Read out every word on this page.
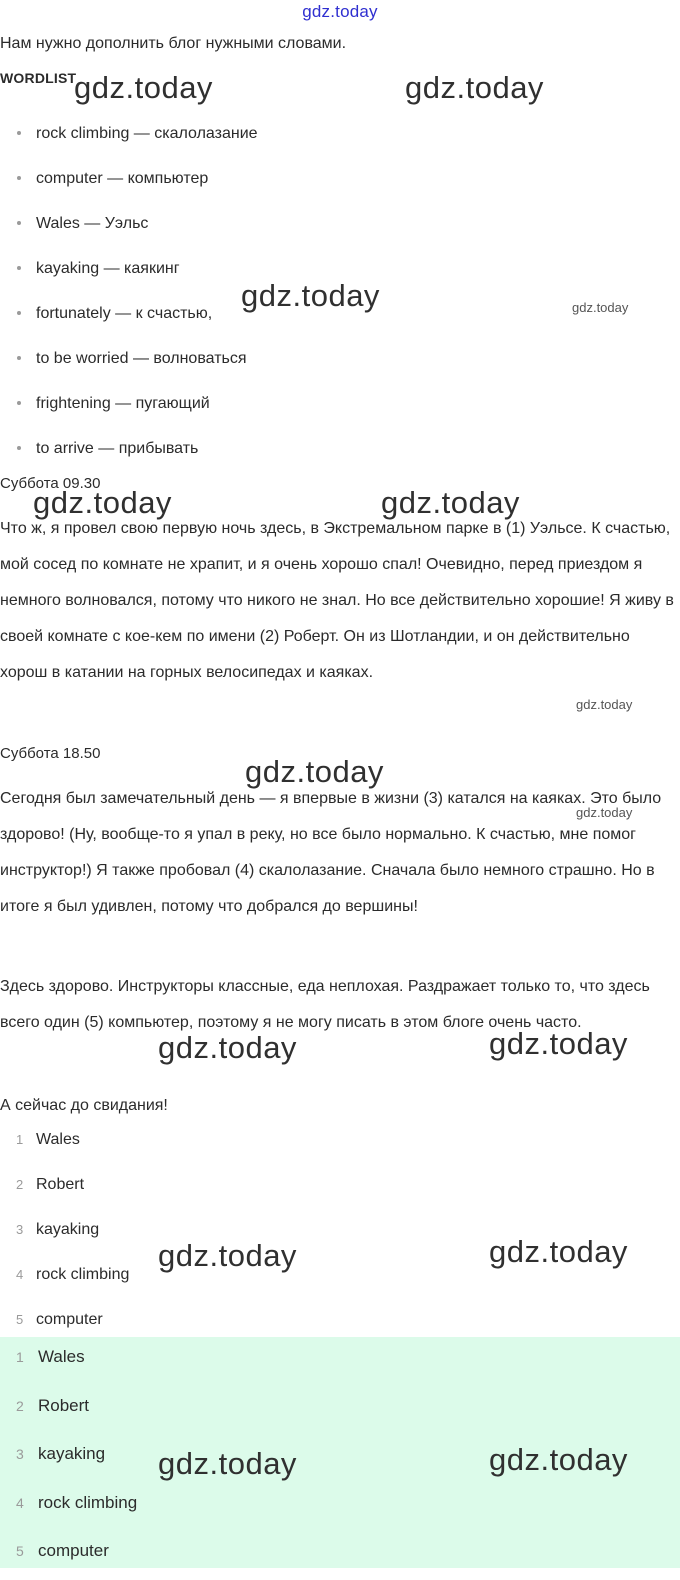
gdz.today

Нам нужно дополнить блог нужными словами.

WORDLIST

rock climbing — скалолазание
computer — компьютер
Wales — Уэльс
kayaking — каякинг
fortunately — к счастью,
to be worried — волноваться
frightening — пугающий
to arrive — прибывать

Суббота 09.30

Что ж, я провел свою первую ночь здесь, в Экстремальном парке в (1) Уэльсе. К счастью, мой сосед по комнате не храпит, и я очень хорошо спал! Очевидно, перед приездом я немного волновался, потому что никого не знал. Но все действительно хорошие! Я живу в своей комнате с кое-кем по имени (2) Роберт. Он из Шотландии, и он действительно хорош в катании на горных велосипедах и каяках.

Суббота 18.50

Сегодня был замечательный день — я впервые в жизни (3) катался на каяках. Это было здорово! (Ну, вообще-то я упал в реку, но все было нормально. К счастью, мне помог инструктор!) Я также пробовал (4) скалолазание. Сначала было немного страшно. Но в итоге я был удивлен, потому что добрался до вершины!

Здесь здорово. Инструкторы классные, еда неплохая. Раздражает только то, что здесь всего один (5) компьютер, поэтому я не могу писать в этом блоге очень часто.

А сейчас до свидания!

1 Wales
2 Robert
3 kayaking
4 rock climbing
5 computer
1 Wales
2 Robert
3 kayaking
4 rock climbing
5 computer
gdz.today	gdz.today
gdz.today	gdz.today
gdz.today	gdz.today
gdz.today
gdz.today
gdz.today
gdz.today	gdz.today
gdz.today	gdz.today
gdz.today	gdz.today
